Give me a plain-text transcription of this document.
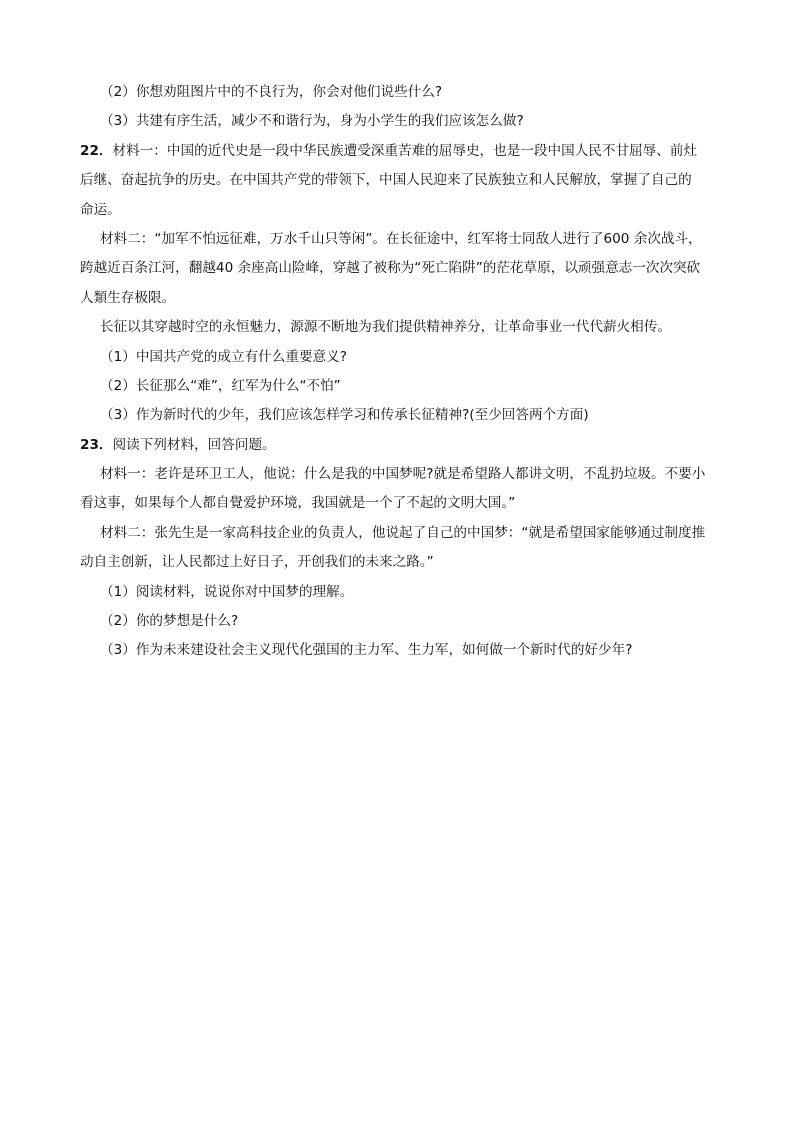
（2）你想劝阻图片中的不良行为，你会对他们说些什么?
（3）共建有序生活，减少不和谐行为，身为小学生的我们应该怎么做?
22．材料一：中国的近代史是一段中华民族遭受深重苦难的屈辱史，也是一段中国人民不甘屈辱、前灶
后继、奋起抗争的历史。在中国共产党的带领下，中国人民迎来了民族独立和人民解放，掌握了自己的
命运。
材料二：“加军不怕远征难，万水千山只等闲”。在长征途中，红军将士同敌人进行了600 余次战斗，
跨越近百条江河，翻越40 余座高山险峰，穿越了被称为“死亡陷阱”的茫花草原，以顽强意志一次次突砍
人類生存极限。
长征以其穿越时空的永恒魅力，源源不断地为我们提供精神养分，让革命事业一代代薪火相传。
（1）中国共产党的成立有什么重要意义?
（2）长征那么“难”，红军为什么“不怕”
（3）作为新时代的少年，我们应该怎样学习和传承长征精神?(至少回答两个方面)
23．阅读下列材料，回答问题。
材料一：老许是环卫工人，他说：什么是我的中国梦呢?就是希望路人都讲文明，不乱扔垃圾。不要小
看这事，如果每个人都自覺爱护环境，我国就是一个了不起的文明大国。”
材料二：张先生是一家高科技企业的负责人，他说起了自己的中国梦：“就是希望国家能够通过制度推
动自主创新，让人民都过上好日子，开创我们的未来之路。”
（1）阅读材料，说说你对中国梦的理解。
（2）你的梦想是什么?
（3）作为未来建设社会主义现代化强国的主力军、生力军，如何做一个新时代的好少年?
